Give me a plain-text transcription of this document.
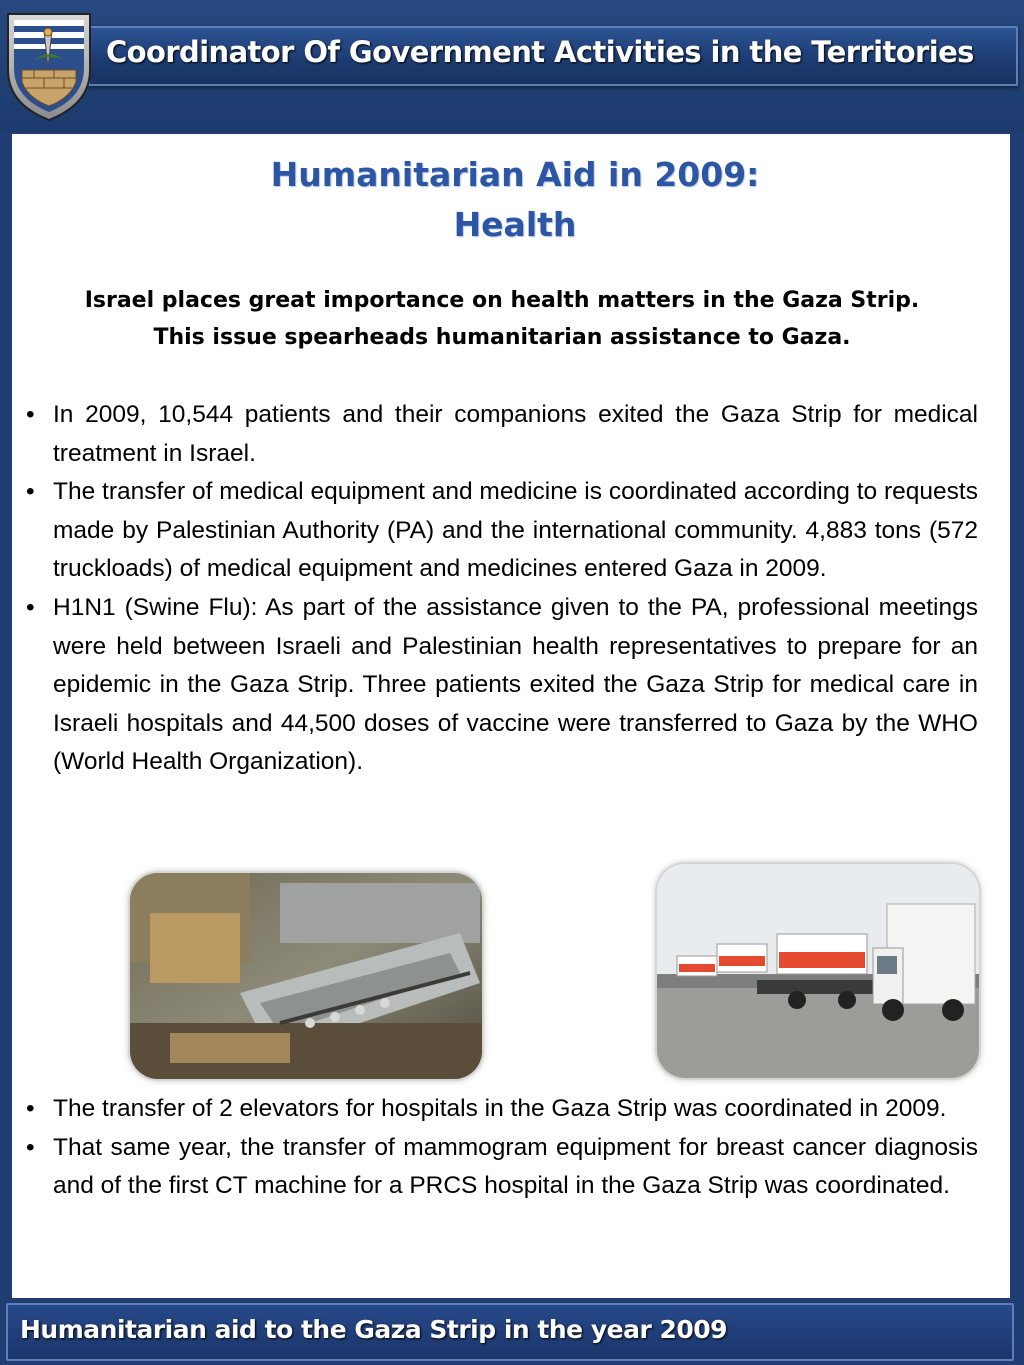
Coordinator Of Government Activities in the Territories
Humanitarian Aid in 2009:
Health
Israel places great importance on health matters in the Gaza Strip.
This issue spearheads humanitarian assistance to Gaza.
• In 2009, 10,544 patients and their companions exited the Gaza Strip for medical treatment in Israel.
• The transfer of medical equipment and medicine is coordinated according to requests made by Palestinian Authority (PA) and the international community. 4,883 tons (572 truckloads) of medical equipment and medicines entered Gaza in 2009.
• H1N1 (Swine Flu): As part of the assistance given to the PA, professional meetings were held between Israeli and Palestinian health representatives to prepare for an epidemic in the Gaza Strip. Three patients exited the Gaza Strip for medical care in Israeli hospitals and 44,500 doses of vaccine were transferred to Gaza by the WHO (World Health Organization).
• The transfer of 2 elevators for hospitals in the Gaza Strip was coordinated in 2009.
• That same year, the transfer of mammogram equipment for breast cancer diagnosis and of the first CT machine for a PRCS hospital in the Gaza Strip was coordinated.
Humanitarian aid to the Gaza Strip in the year 2009
